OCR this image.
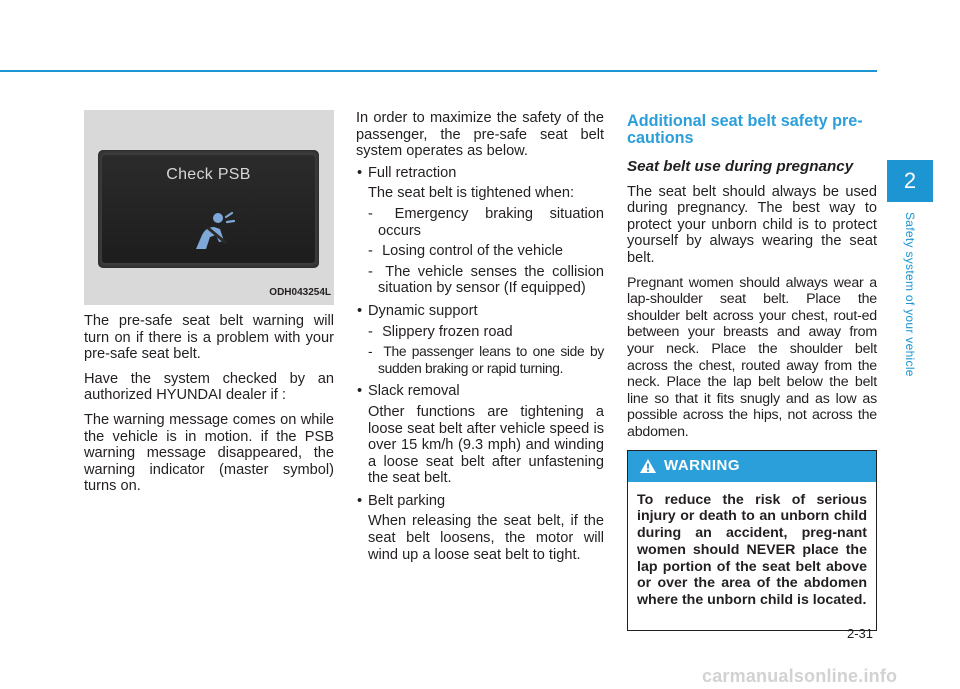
Check PSB
ODH043254L

The pre-safe seat belt warning will turn on if there is a problem with your pre-safe seat belt.

Have the system checked by an authorized HYUNDAI dealer if :

The warning message comes on while the vehicle is in motion. if the PSB warning message disappeared, the warning indicator (master symbol) turns on.

In order to maximize the safety of the passenger, the pre-safe seat belt system operates as below.

• Full retraction
The seat belt is tightened when:
- Emergency braking situation occurs
- Losing control of the vehicle
- The vehicle senses the collision situation by sensor (If equipped)
• Dynamic support
- Slippery frozen road
- The passenger leans to one side by sudden braking or rapid turning.
• Slack removal
Other functions are tightening a loose seat belt after vehicle speed is over 15 km/h (9.3 mph) and winding a loose seat belt after unfastening the seat belt.
• Belt parking
When releasing the seat belt, if the seat belt loosens, the motor will wind up a loose seat belt to tight.
Additional seat belt safety pre-cautions
Seat belt use during pregnancy

The seat belt should always be used during pregnancy. The best way to protect your unborn child is to protect yourself by always wearing the seat belt.

Pregnant women should always wear a lap-shoulder seat belt. Place the shoulder belt across your chest, rout-ed between your breasts and away from your neck. Place the shoulder belt across the chest, routed away from the neck. Place the lap belt below the belt line so that it fits snugly and as low as possible across the hips, not across the abdomen.

WARNING
To reduce the risk of serious injury or death to an unborn child during an accident, preg-nant women should NEVER place the lap portion of the seat belt above or over the area of the abdomen where the unborn child is located.
2
Safety system of your vehicle
2-31
carmanualsonline.info
